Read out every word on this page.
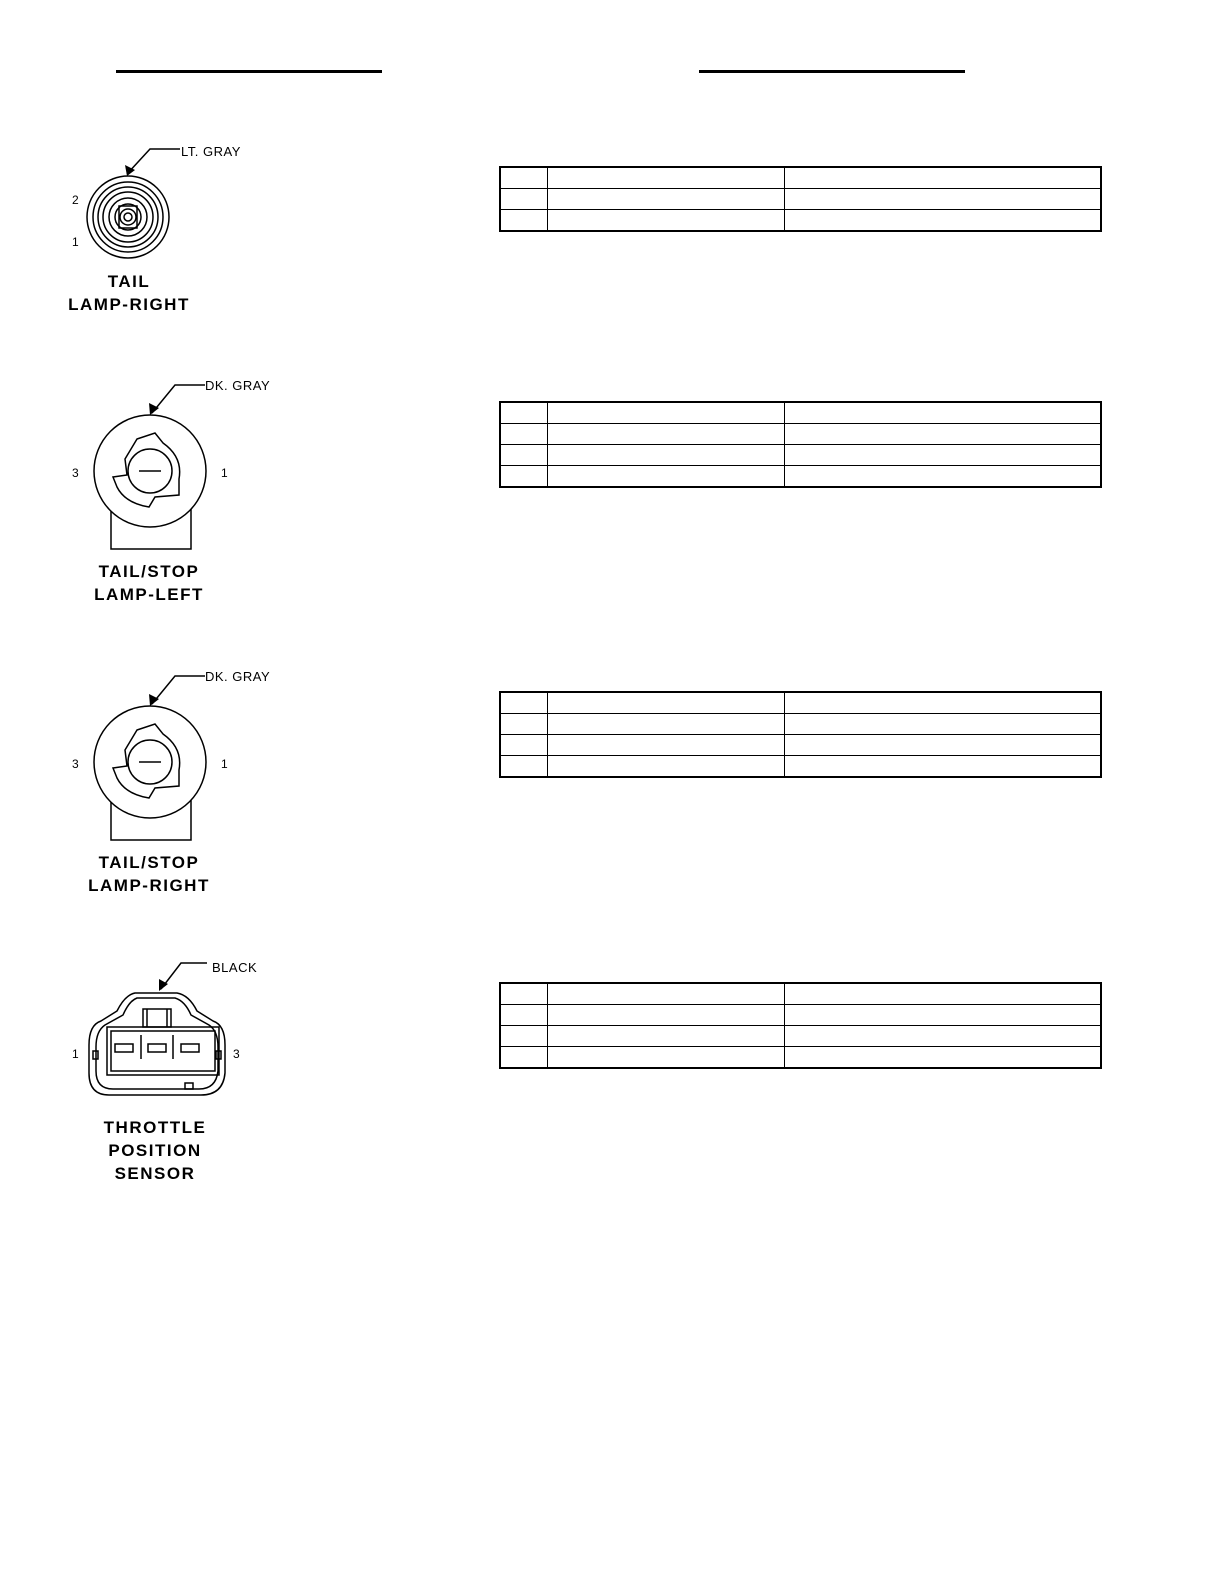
LT. GRAY
2
1
TAIL
LAMP-RIGHT

DK. GRAY
3	1
TAIL/STOP
LAMP-LEFT

DK. GRAY
3	1
TAIL/STOP
LAMP-RIGHT

BLACK
1	3
THROTTLE
POSITION
SENSOR
